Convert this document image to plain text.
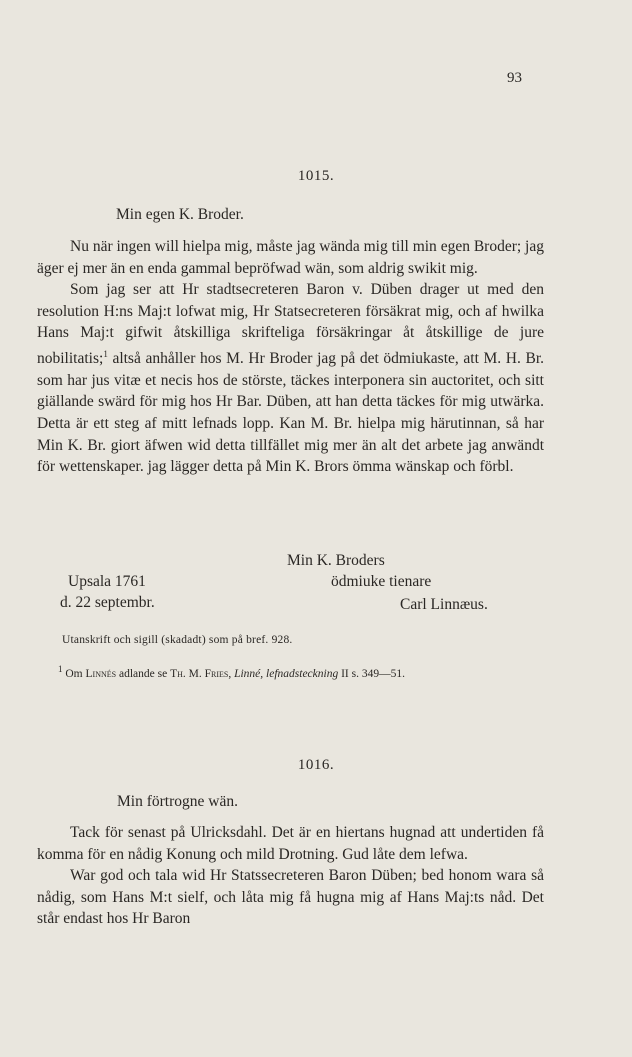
93
1015.
Min egen K. Broder.

Nu när ingen will hielpa mig, måste jag wända mig till min egen Broder; jag äger ej mer än en enda gammal bepröfwad wän, som aldrig swikit mig.

Som jag ser att Hr stadtsecreteren Baron v. Düben drager ut med den resolution H:ns Maj:t lofwat mig, Hr Statsecreteren försäkrat mig, och af hwilka Hans Maj:t gifwit åtskilliga skrifteliga försäkringar åt åtskillige de jure nobilitatis;$^1$ altså anhåller hos M. Hr Broder jag på det ödmiukaste, att M. H. Br. som har jus vitæ et necis hos de störste, täckes interponera sin auctoritet, och sitt giällande swärd för mig hos Hr Bar. Düben, att han detta täckes för mig utwärka. Detta är ett steg af mitt lefnads lopp. Kan M. Br. hielpa mig härutinnan, så har Min K. Br. giort äfwen wid detta tillfället mig mer än alt det arbete jag anwändt för wettenskaper. jag lägger detta på Min K. Brors ömma wänskap och förbl.

Min K. Broders
Upsala 1761	ödmiuke tienare
d. 22 septembr.	Carl Linnæus.
Utanskrift och sigill (skadadt) som på bref. 928.
$^1$ Om Linnés adlande se Th. M. Fries, Linné, lefnadsteckning II s. 349—51.
1016.
Min förtrogne wän.

Tack för senast på Ulricksdahl. Det är en hiertans hugnad att undertiden få komma för en nådig Konung och mild Drotning. Gud låte dem lefwa.

War god och tala wid Hr Statssecreteren Baron Düben; bed honom wara så nådig, som Hans M:t sielf, och låta mig få hugna mig af Hans Maj:ts nåd. Det står endast hos Hr Baron
